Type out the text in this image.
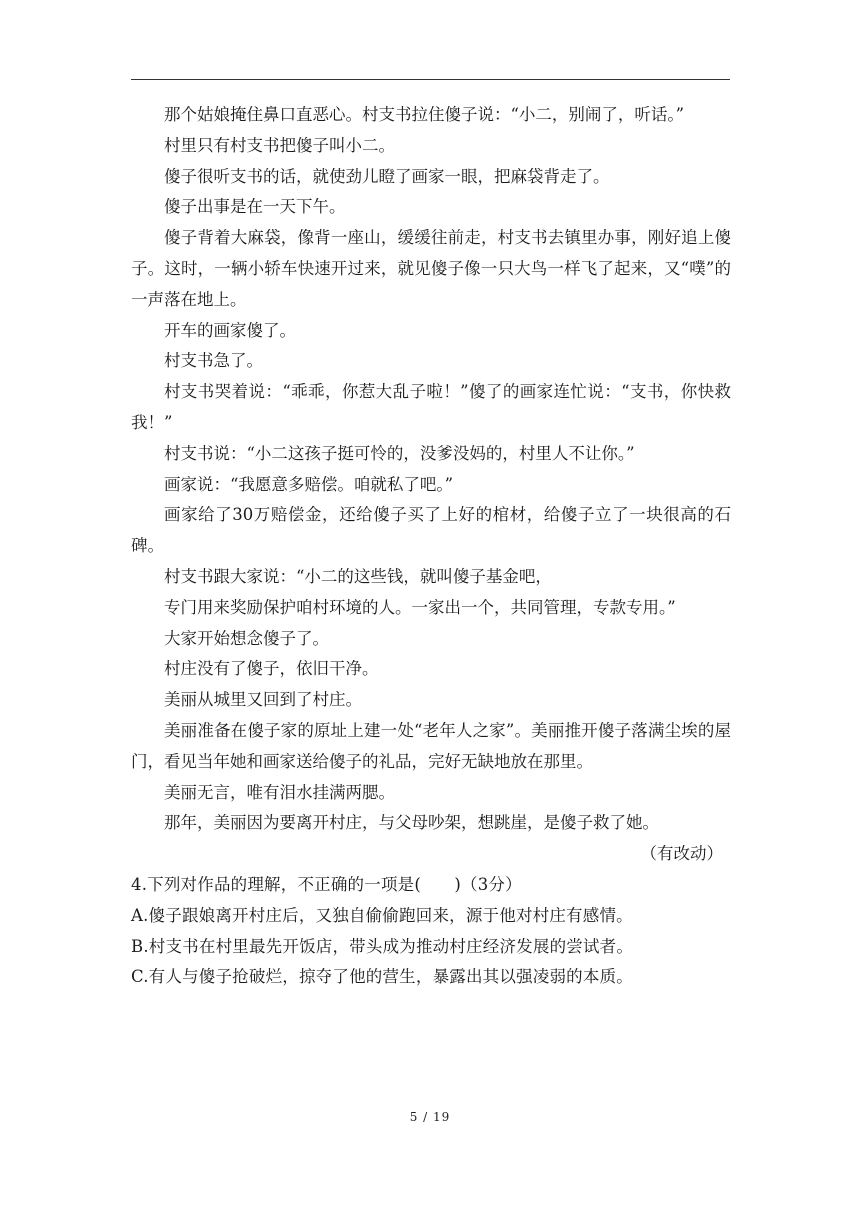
那个姑娘掩住鼻口直恶心。村支书拉住傻子说：“小二，别闹了，听话。”

村里只有村支书把傻子叫小二。

傻子很听支书的话，就使劲儿瞪了画家一眼，把麻袋背走了。

傻子出事是在一天下午。

傻子背着大麻袋，像背一座山，缓缓往前走，村支书去镇里办事，刚好追上傻子。这时，一辆小轿车快速开过来，就见傻子像一只大鸟一样飞了起来，又“噗”的一声落在地上。

开车的画家傻了。

村支书急了。

村支书哭着说：“乖乖，你惹大乱子啦！”傻了的画家连忙说：“支书，你快救我！”

村支书说：“小二这孩子挺可怜的，没爹没妈的，村里人不让你。”

画家说：“我愿意多赔偿。咱就私了吧。”

画家给了30万赔偿金，还给傻子买了上好的棺材，给傻子立了一块很高的石碑。

村支书跟大家说：“小二的这些钱，就叫傻子基金吧，

专门用来奖励保护咱村环境的人。一家出一个，共同管理，专款专用。”

大家开始想念傻子了。

村庄没有了傻子，依旧干净。

美丽从城里又回到了村庄。

美丽准备在傻子家的原址上建一处“老年人之家”。美丽推开傻子落满尘埃的屋门，看见当年她和画家送给傻子的礼品，完好无缺地放在那里。

美丽无言，唯有泪水挂满两腮。

那年，美丽因为要离开村庄，与父母吵架，想跳崖，是傻子救了她。

（有改动）

4.下列对作品的理解，不正确的一项是(　　)（3分）

A.傻子跟娘离开村庄后，又独自偷偷跑回来，源于他对村庄有感情。

B.村支书在村里最先开饭店，带头成为推动村庄经济发展的尝试者。

C.有人与傻子抢破烂，掠夺了他的营生，暴露出其以强凌弱的本质。

5 / 19
